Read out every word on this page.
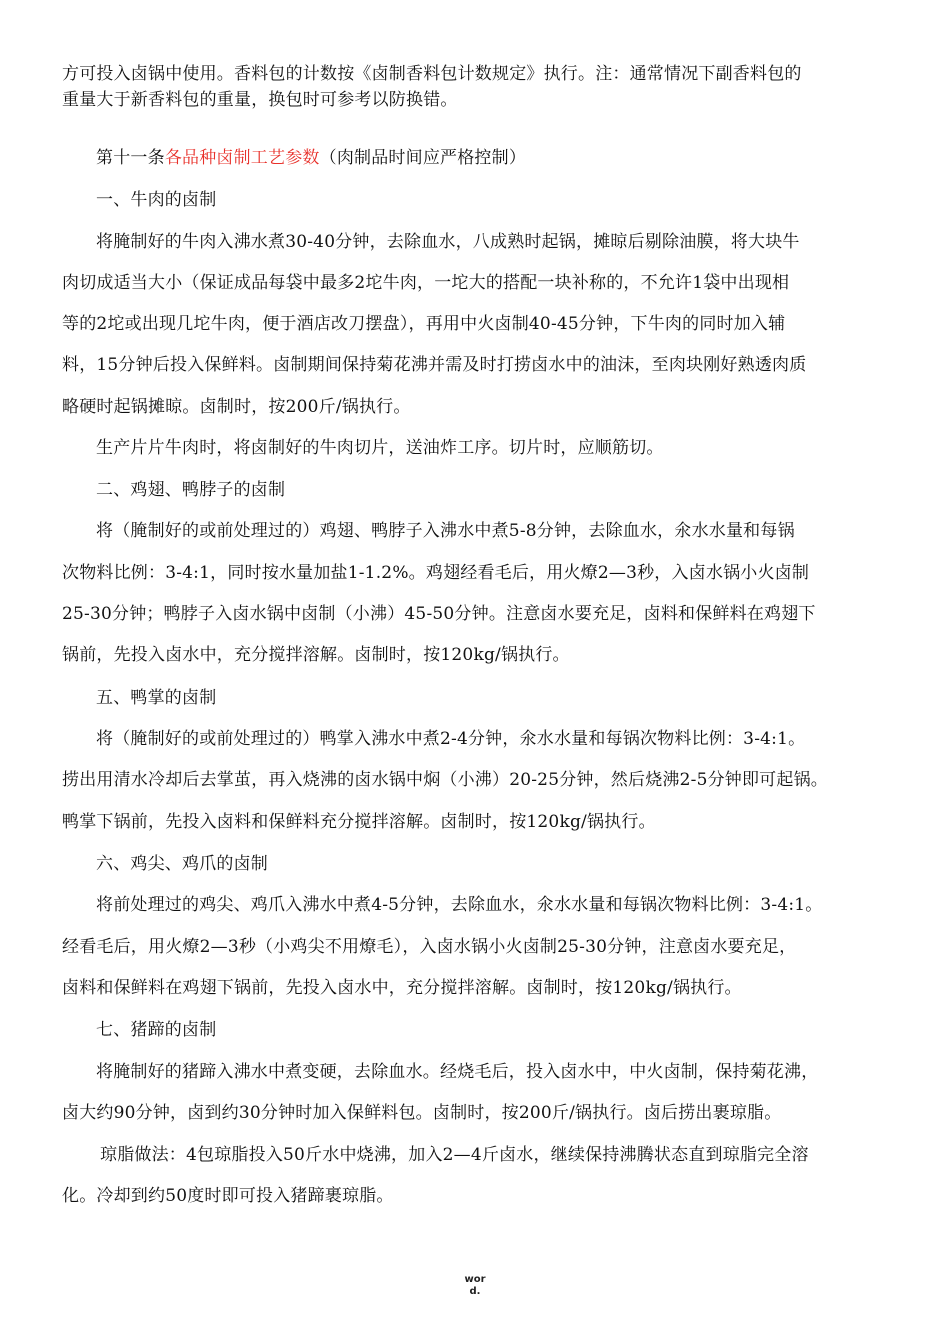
方可投入卤锅中使用。香料包的计数按《卤制香料包计数规定》执行。注：通常情况下副香料包的
重量大于新香料包的重量，换包时可参考以防换错。
第十一条各品种卤制工艺参数（肉制品时间应严格控制）
一、牛肉的卤制
将腌制好的牛肉入沸水煮30-40分钟，去除血水，八成熟时起锅，摊晾后剔除油膜，将大块牛
肉切成适当大小（保证成品每袋中最多2坨牛肉，一坨大的搭配一块补称的，不允许1袋中出现相
等的2坨或出现几坨牛肉，便于酒店改刀摆盘），再用中火卤制40-45分钟，下牛肉的同时加入辅
料，15分钟后投入保鲜料。卤制期间保持菊花沸并需及时打捞卤水中的油沫，至肉块刚好熟透肉质
略硬时起锅摊晾。卤制时，按200斤/锅执行。
生产片片牛肉时，将卤制好的牛肉切片，送油炸工序。切片时，应顺筋切。
二、鸡翅、鸭脖子的卤制
将（腌制好的或前处理过的）鸡翅、鸭脖子入沸水中煮5-8分钟，去除血水，氽水水量和每锅
次物料比例：3-4:1，同时按水量加盐1-1.2%。鸡翅经看毛后，用火燎2—3秒，入卤水锅小火卤制
25-30分钟；鸭脖子入卤水锅中卤制（小沸）45-50分钟。注意卤水要充足，卤料和保鲜料在鸡翅下
锅前，先投入卤水中，充分搅拌溶解。卤制时，按120kg/锅执行。
五、鸭掌的卤制
将（腌制好的或前处理过的）鸭掌入沸水中煮2-4分钟，氽水水量和每锅次物料比例：3-4:1。
捞出用清水冷却后去掌茧，再入烧沸的卤水锅中焖（小沸）20-25分钟，然后烧沸2-5分钟即可起锅。
鸭掌下锅前，先投入卤料和保鲜料充分搅拌溶解。卤制时，按120kg/锅执行。
六、鸡尖、鸡爪的卤制
将前处理过的鸡尖、鸡爪入沸水中煮4-5分钟，去除血水，氽水水量和每锅次物料比例：3-4:1。
经看毛后，用火燎2—3秒（小鸡尖不用燎毛），入卤水锅小火卤制25-30分钟，注意卤水要充足，
卤料和保鲜料在鸡翅下锅前，先投入卤水中，充分搅拌溶解。卤制时，按120kg/锅执行。
七、猪蹄的卤制
将腌制好的猪蹄入沸水中煮变硬，去除血水。经烧毛后，投入卤水中，中火卤制，保持菊花沸，
卤大约90分钟，卤到约30分钟时加入保鲜料包。卤制时，按200斤/锅执行。卤后捞出裹琼脂。
琼脂做法：4包琼脂投入50斤水中烧沸，加入2—4斤卤水，继续保持沸腾状态直到琼脂完全溶
化。冷却到约50度时即可投入猪蹄裹琼脂。
wor
d.
